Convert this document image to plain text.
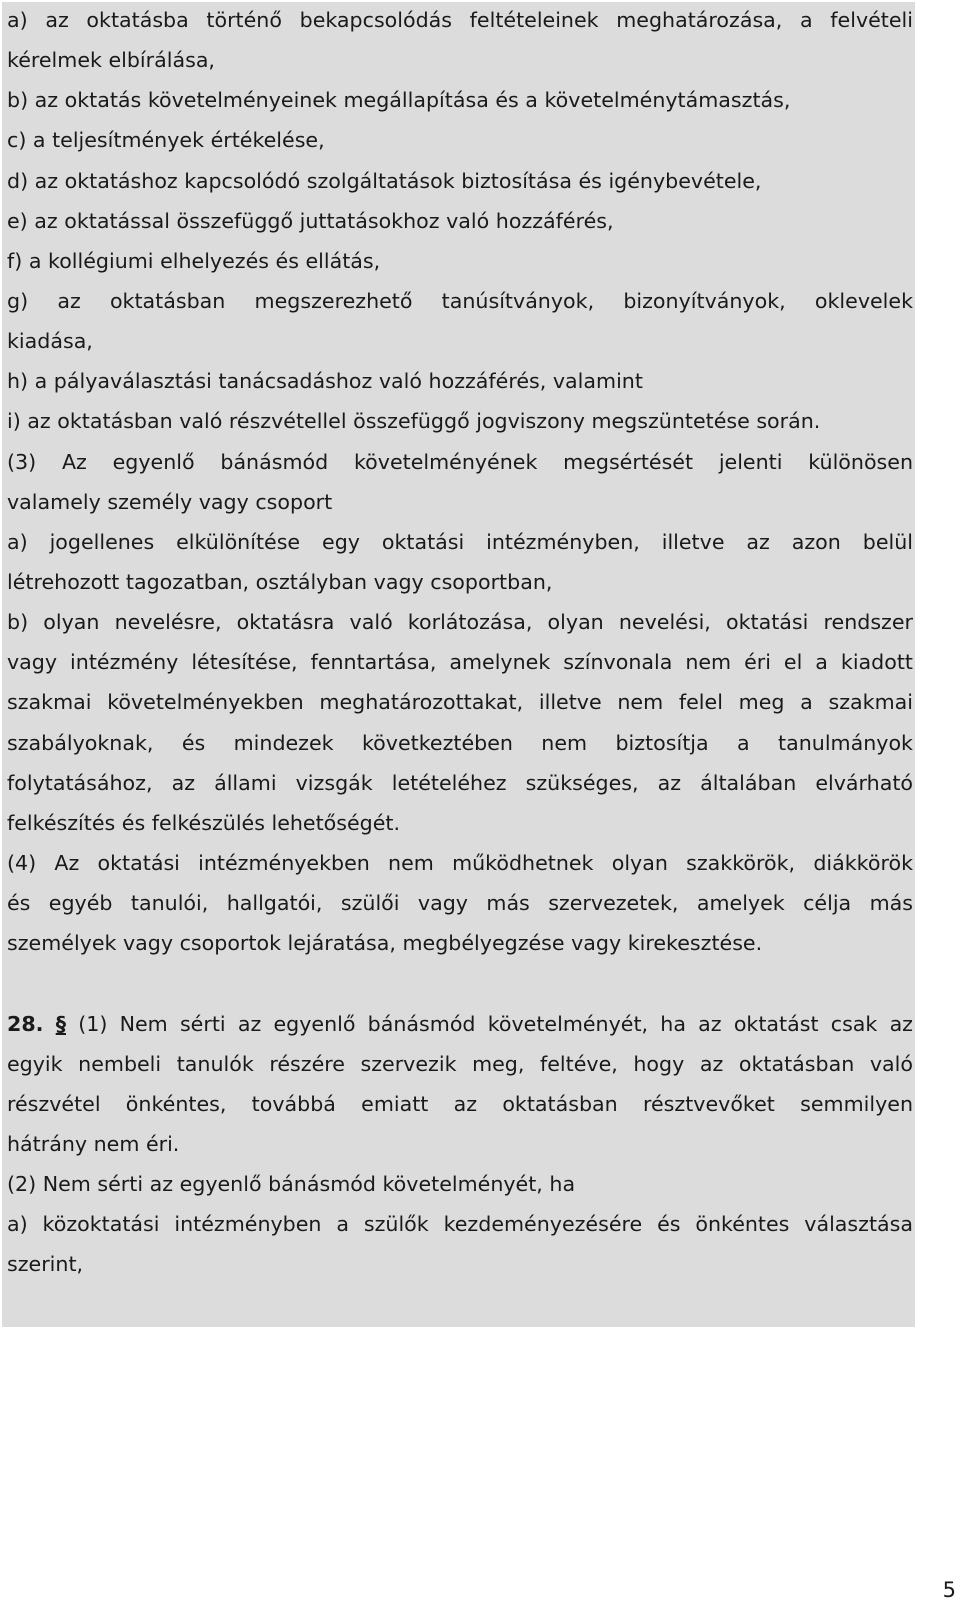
a) az oktatásba történő bekapcsolódás feltételeinek meghatározása, a felvételi
kérelmek elbírálása,
b) az oktatás követelményeinek megállapítása és a követelménytámasztás,
c) a teljesítmények értékelése,
d) az oktatáshoz kapcsolódó szolgáltatások biztosítása és igénybevétele,
e) az oktatással összefüggő juttatásokhoz való hozzáférés,
f) a kollégiumi elhelyezés és ellátás,
g) az oktatásban megszerezhető tanúsítványok, bizonyítványok, oklevelek
kiadása,
h) a pályaválasztási tanácsadáshoz való hozzáférés, valamint
i) az oktatásban való részvétellel összefüggő jogviszony megszüntetése során.
(3) Az egyenlő bánásmód követelményének megsértését jelenti különösen
valamely személy vagy csoport
a) jogellenes elkülönítése egy oktatási intézményben, illetve az azon belül
létrehozott tagozatban, osztályban vagy csoportban,
b) olyan nevelésre, oktatásra való korlátozása, olyan nevelési, oktatási rendszer
vagy intézmény létesítése, fenntartása, amelynek színvonala nem éri el a kiadott
szakmai követelményekben meghatározottakat, illetve nem felel meg a szakmai
szabályoknak, és mindezek következtében nem biztosítja a tanulmányok
folytatásához, az állami vizsgák letételéhez szükséges, az általában elvárható
felkészítés és felkészülés lehetőségét.
(4) Az oktatási intézményekben nem működhetnek olyan szakkörök, diákkörök
és egyéb tanulói, hallgatói, szülői vagy más szervezetek, amelyek célja más
személyek vagy csoportok lejáratása, megbélyegzése vagy kirekesztése.
28. § (1) Nem sérti az egyenlő bánásmód követelményét, ha az oktatást csak az
egyik nembeli tanulók részére szervezik meg, feltéve, hogy az oktatásban való
részvétel önkéntes, továbbá emiatt az oktatásban résztvevőket semmilyen
hátrány nem éri.
(2) Nem sérti az egyenlő bánásmód követelményét, ha
a) közoktatási intézményben a szülők kezdeményezésére és önkéntes választása
szerint,
5
